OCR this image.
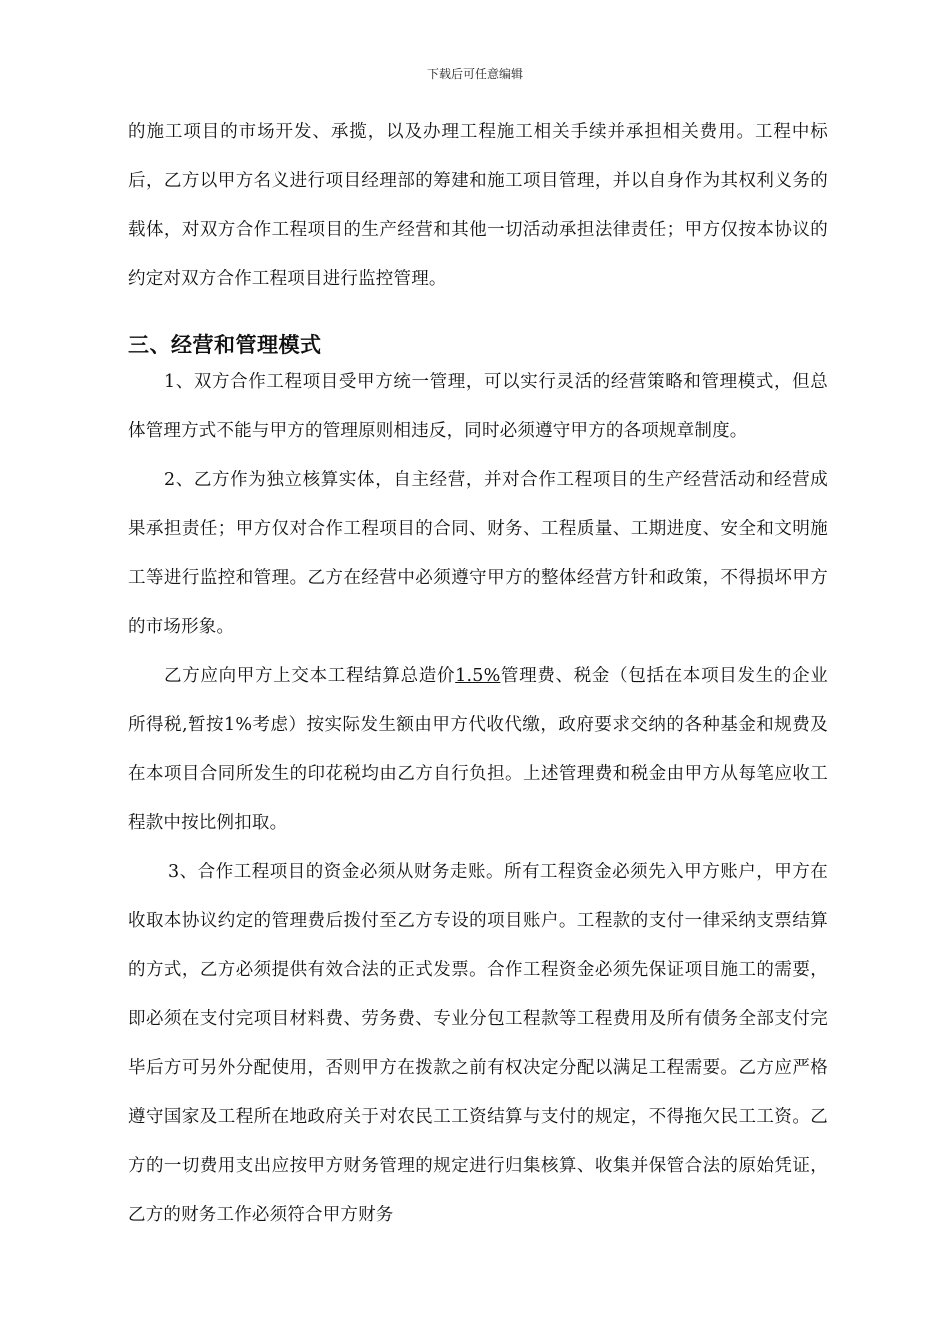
下载后可任意编辑

的施工项目的市场开发、承揽，以及办理工程施工相关手续并承担相关费用。工程中标后，乙方以甲方名义进行项目经理部的筹建和施工项目管理，并以自身作为其权利义务的载体，对双方合作工程项目的生产经营和其他一切活动承担法律责任；甲方仅按本协议的约定对双方合作工程项目进行监控管理。

三、经营和管理模式

1、双方合作工程项目受甲方统一管理，可以实行灵活的经营策略和管理模式，但总体管理方式不能与甲方的管理原则相违反，同时必须遵守甲方的各项规章制度。

2、乙方作为独立核算实体，自主经营，并对合作工程项目的生产经营活动和经营成果承担责任；甲方仅对合作工程项目的合同、财务、工程质量、工期进度、安全和文明施工等进行监控和管理。乙方在经营中必须遵守甲方的整体经营方针和政策，不得损坏甲方的市场形象。

乙方应向甲方上交本工程结算总造价1.5%管理费、税金（包括在本项目发生的企业所得税,暂按1%考虑）按实际发生额由甲方代收代缴，政府要求交纳的各种基金和规费及在本项目合同所发生的印花税均由乙方自行负担。上述管理费和税金由甲方从每笔应收工程款中按比例扣取。

3、合作工程项目的资金必须从财务走账。所有工程资金必须先入甲方账户，甲方在收取本协议约定的管理费后拨付至乙方专设的项目账户。工程款的支付一律采纳支票结算的方式，乙方必须提供有效合法的正式发票。合作工程资金必须先保证项目施工的需要，即必须在支付完项目材料费、劳务费、专业分包工程款等工程费用及所有债务全部支付完毕后方可另外分配使用，否则甲方在拨款之前有权决定分配以满足工程需要。乙方应严格遵守国家及工程所在地政府关于对农民工工资结算与支付的规定，不得拖欠民工工资。乙方的一切费用支出应按甲方财务管理的规定进行归集核算、收集并保管合法的原始凭证，乙方的财务工作必须符合甲方财务
